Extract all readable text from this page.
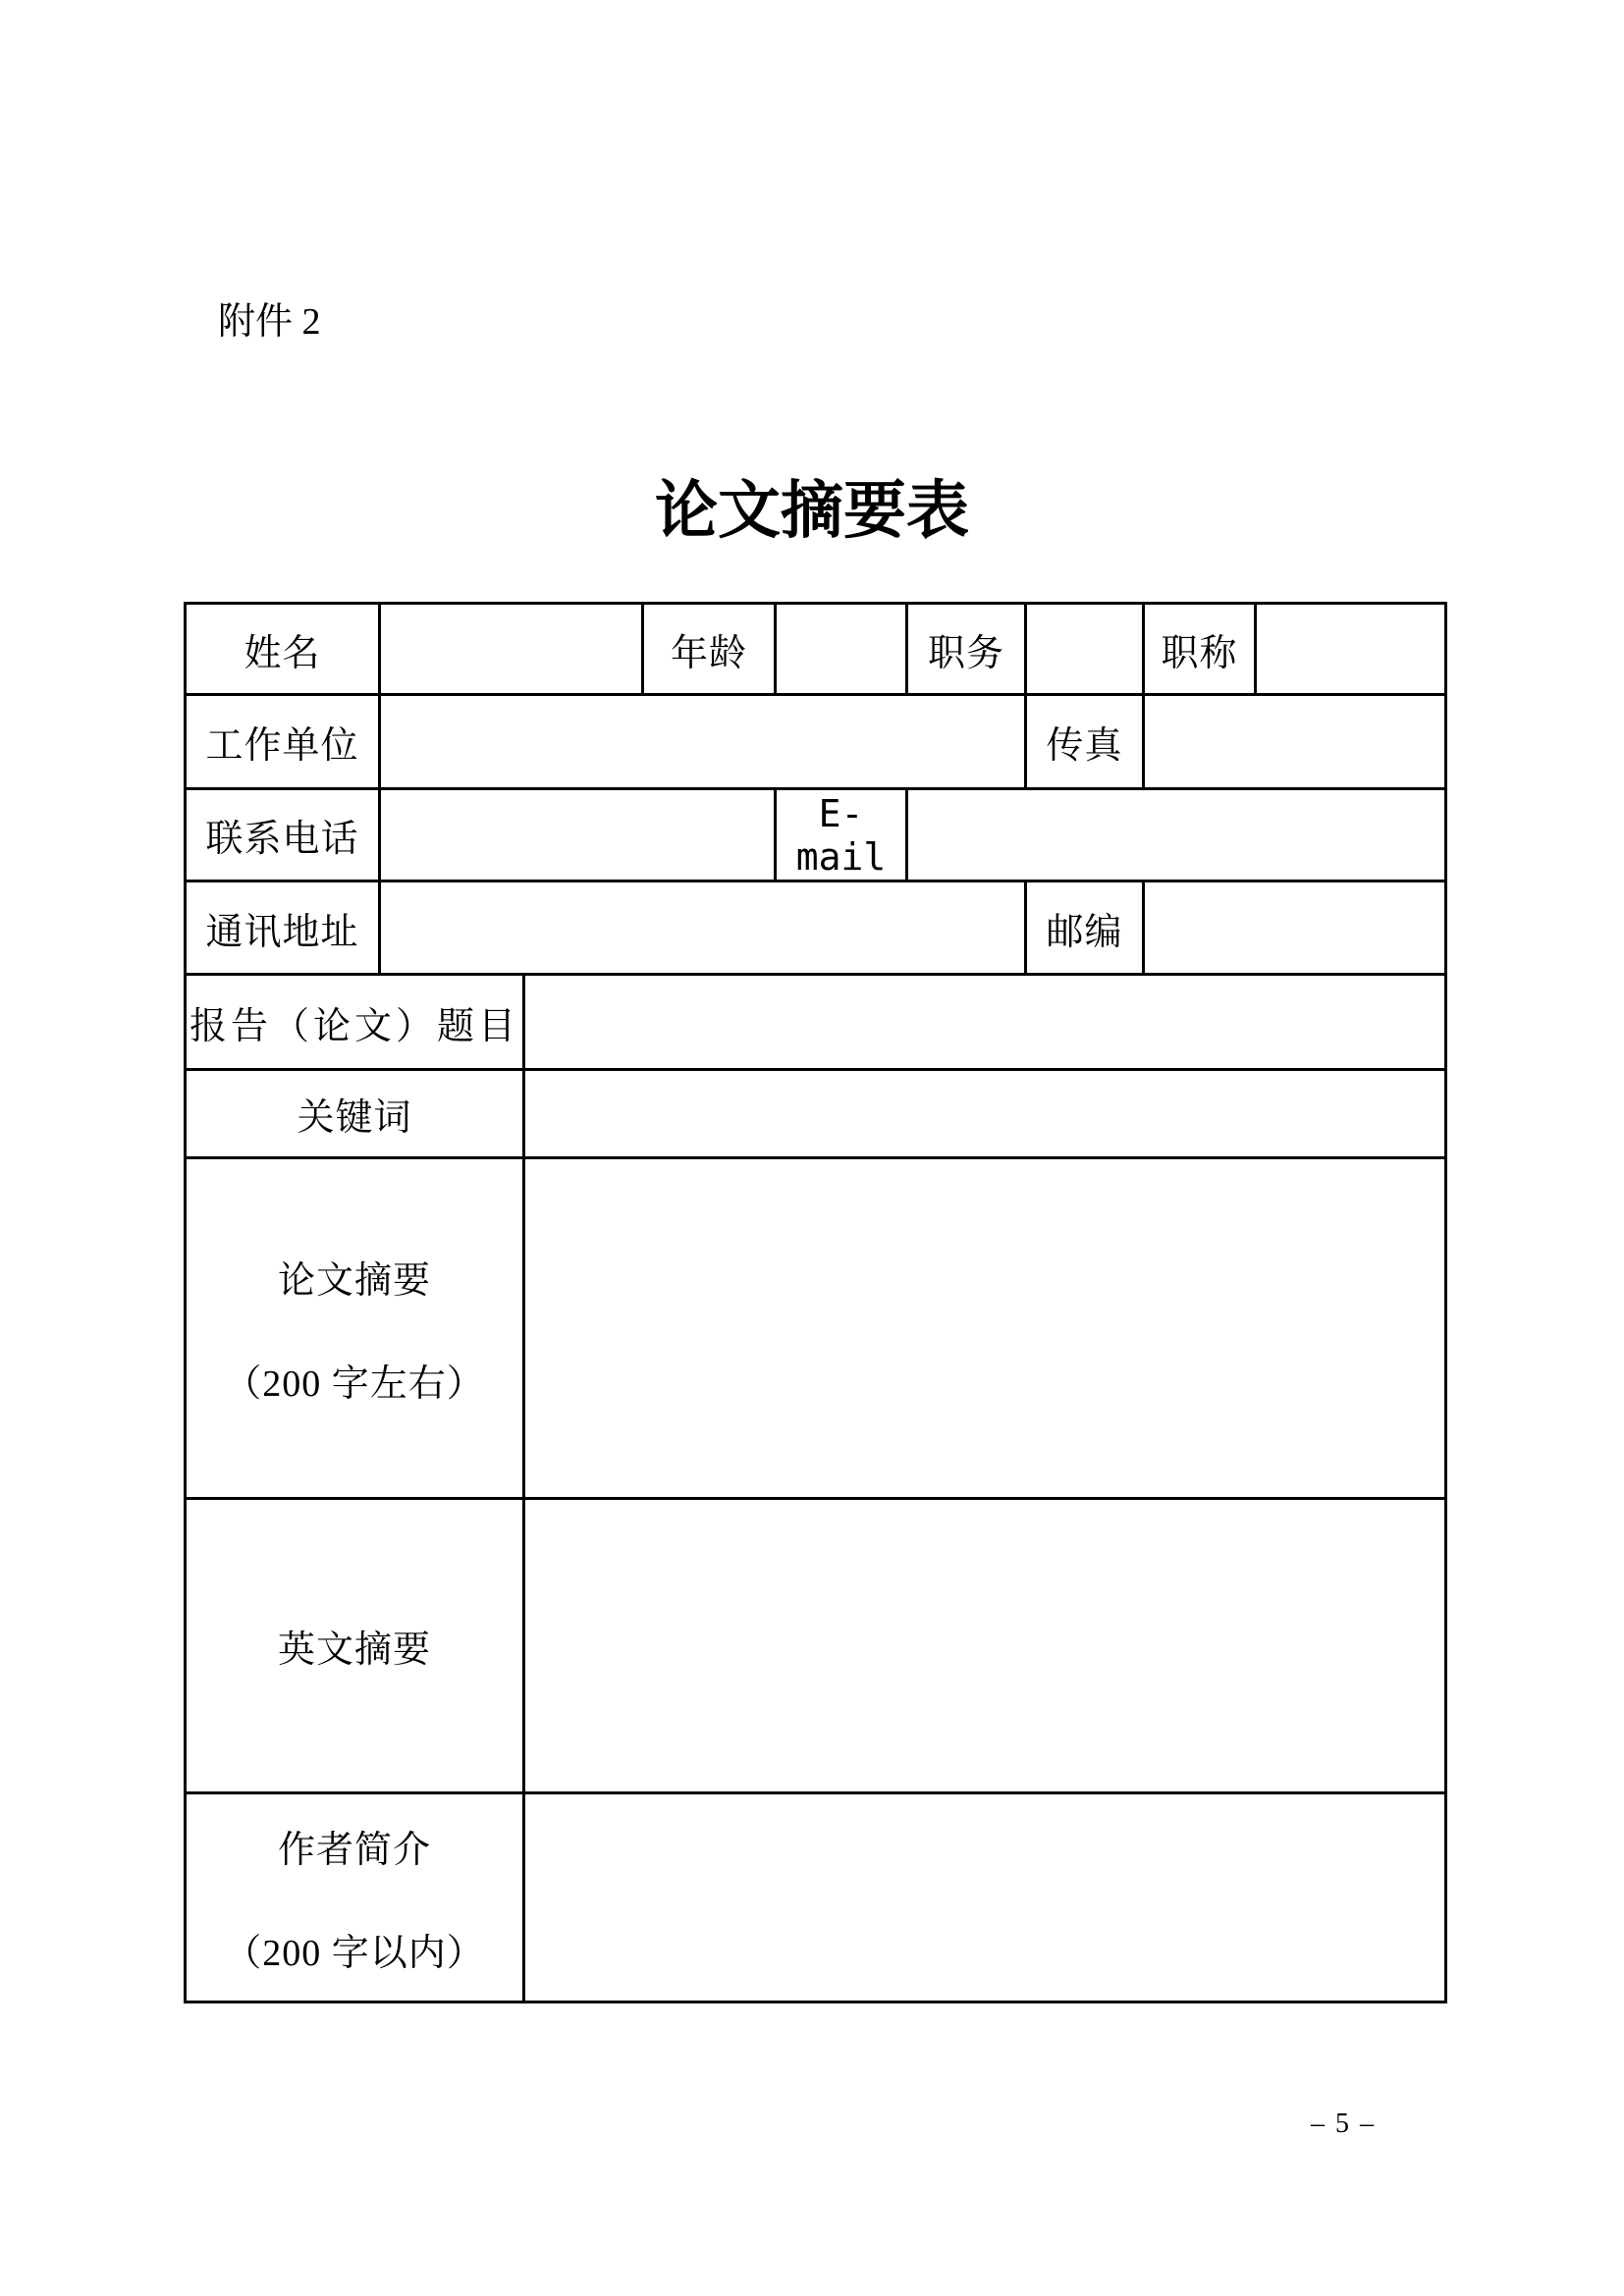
附件 2
论文摘要表
姓名			年龄		职务		职称	
工作单位						传真		
联系电话				E-mail				
通讯地址						邮编		
报告（论文）题目								
关键词								

论文摘要
（200 字左右）								

英文摘要								

作者简介
（200 字以内）								

– 5 –
